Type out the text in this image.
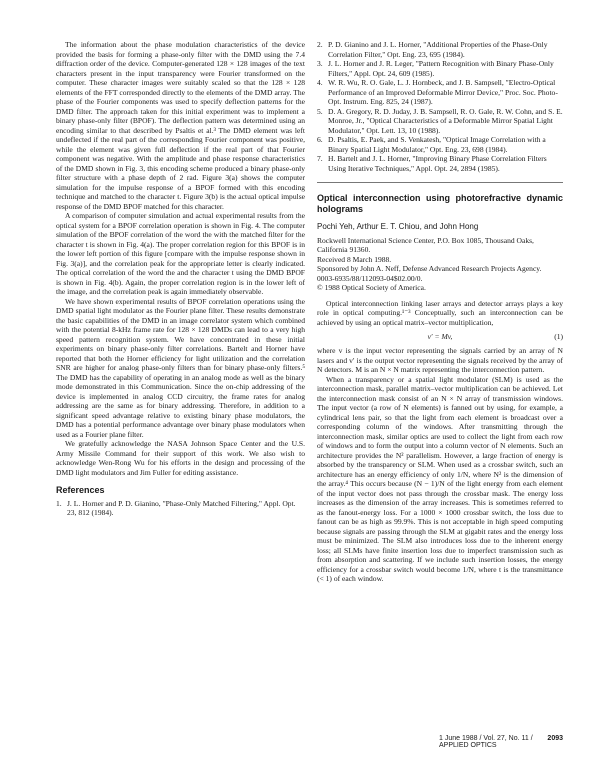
The information about the phase modulation characteristics of the device provided the basis for forming a phase-only filter with the DMD using the 7.4 diffraction order of the device. Computer-generated 128 × 128 images of the text characters present in the input transparency were Fourier transformed on the computer. These character images were suitably scaled so that the 128 × 128 elements of the FFT corresponded directly to the elements of the DMD array. The phase of the Fourier components was used to specify deflection patterns for the DMD filter. The approach taken for this initial experiment was to implement a binary phase-only filter (BPOF). The deflection pattern was determined using an encoding similar to that described by Psaltis et al.³ The DMD element was left undeflected if the real part of the corresponding Fourier component was positive, while the element was given full deflection if the real part of that Fourier component was negative. With the amplitude and phase response characteristics of the DMD shown in Fig. 3, this encoding scheme produced a binary phase-only filter structure with a phase depth of 2 rad. Figure 3(a) shows the computer simulation for the impulse response of a BPOF formed with this encoding technique and matched to the character t. Figure 3(b) is the actual optical impulse response of the DMD BPOF matched for this character.

A comparison of computer simulation and actual experimental results from the optical system for a BPOF correlation operation is shown in Fig. 4. The computer simulation of the BPOF correlation of the word the with the matched filter for the character t is shown in Fig. 4(a). The proper correlation region for this BPOF is in the lower left portion of this figure [compare with the impulse response shown in Fig. 3(a)], and the correlation peak for the appropriate letter is clearly indicated. The optical correlation of the word the and the character t using the DMD BPOF is shown in Fig. 4(b). Again, the proper correlation region is in the lower left of the image, and the correlation peak is again immediately observable.

We have shown experimental results of BPOF correlation operations using the DMD spatial light modulator as the Fourier plane filter. These results demonstrate the basic capabilities of the DMD in an image correlator system which combined with the potential 8-kHz frame rate for 128 × 128 DMDs can lead to a very high speed pattern recognition system. We have concentrated in these initial experiments on binary phase-only filter correlations. Bartelt and Horner have reported that both the Horner efficiency for light utilization and the correlation SNR are higher for analog phase-only filters than for binary phase-only filters.⁵ The DMD has the capability of operating in an analog mode as well as the binary mode demonstrated in this Communication. Since the on-chip addressing of the device is implemented in analog CCD circuitry, the frame rates for analog addressing are the same as for binary addressing. Therefore, in addition to a significant speed advantage relative to existing binary phase modulators, the DMD has a potential performance advantage over binary phase modulators when used as a Fourier plane filter.

We gratefully acknowledge the NASA Johnson Space Center and the U.S. Army Missile Command for their support of this work. We also wish to acknowledge Wen-Rong Wu for his efforts in the design and processing of the DMD light modulators and Jim Fuller for editing assistance.

References
1. J. L. Horner and P. D. Gianino, "Phase-Only Matched Filtering," Appl. Opt. 23, 812 (1984).
2. P. D. Gianino and J. L. Horner, "Additional Properties of the Phase-Only Correlation Filter," Opt. Eng. 23, 695 (1984).
3. J. L. Horner and J. R. Leger, "Pattern Recognition with Binary Phase-Only Filters," Appl. Opt. 24, 609 (1985).
4. W. R. Wu, R. O. Gale, L. J. Hornbeck, and J. B. Sampsell, "Electro-Optical Performance of an Improved Deformable Mirror Device," Proc. Soc. Photo-Opt. Instrum. Eng. 825, 24 (1987).
5. D. A. Gregory, R. D. Juday, J. B. Sampsell, R. O. Gale, R. W. Cohn, and S. E. Monroe, Jr., "Optical Characteristics of a Deformable Mirror Spatial Light Modulator," Opt. Lett. 13, 10 (1988).
6. D. Psaltis, E. Paek, and S. Venkatesh, "Optical Image Correlation with a Binary Spatial Light Modulator," Opt. Eng. 23, 698 (1984).
7. H. Bartelt and J. L. Horner, "Improving Binary Phase Correlation Filters Using Iterative Techniques," Appl. Opt. 24, 2894 (1985).
Optical interconnection using photorefractive dynamic holograms
Pochi Yeh, Arthur E. T. Chiou, and John Hong
Rockwell International Science Center, P.O. Box 1085, Thousand Oaks, California 91360.
Received 8 March 1988.
Sponsored by John A. Neff, Defense Advanced Research Projects Agency.
0003-6935/88/112093-04$02.00/0.
© 1988 Optical Society of America.

Optical interconnection linking laser arrays and detector arrays plays a key role in optical computing.¹⁻³ Conceptually, such an interconnection can be achieved by using an optical matrix–vector multiplication,

v′ = Mv,	(1)

where v is the input vector representing the signals carried by an array of N lasers and v′ is the output vector representing the signals received by the array of N detectors. M is an N × N matrix representing the interconnection pattern.

When a transparency or a spatial light modulator (SLM) is used as the interconnection mask, parallel matrix–vector multiplication can be achieved. Let the interconnection mask consist of an N × N array of transmission windows. The input vector (a row of N elements) is fanned out by using, for example, a cylindrical lens pair, so that the light from each element is broadcast over a corresponding column of the windows. After transmitting through the interconnection mask, similar optics are used to collect the light from each row of windows and to form the output into a column vector of N elements. Such an architecture provides the N² parallelism. However, a large fraction of energy is absorbed by the transparency or SLM. When used as a crossbar switch, such an architecture has an energy efficiency of only 1/N, where N² is the dimension of the array.⁴ This occurs because (N − 1)/N of the light energy from each element of the input vector does not pass through the crossbar mask. The energy loss increases as the dimension of the array increases. This is sometimes referred to as the fanout-energy loss. For a 1000 × 1000 crossbar switch, the loss due to fanout can be as high as 99.9%. This is not acceptable in high speed computing because signals are passing through the SLM at gigabit rates and the energy loss must be minimized. The SLM also introduces loss due to the inherent energy loss; all SLMs have finite insertion loss due to imperfect transmission such as from absorption and scattering. If we include such insertion losses, the energy efficiency for a crossbar switch would become 1/N, where t is the transmittance (< 1) of each window.

1 June 1988 / Vol. 27, No. 11 / APPLIED OPTICS
2093
